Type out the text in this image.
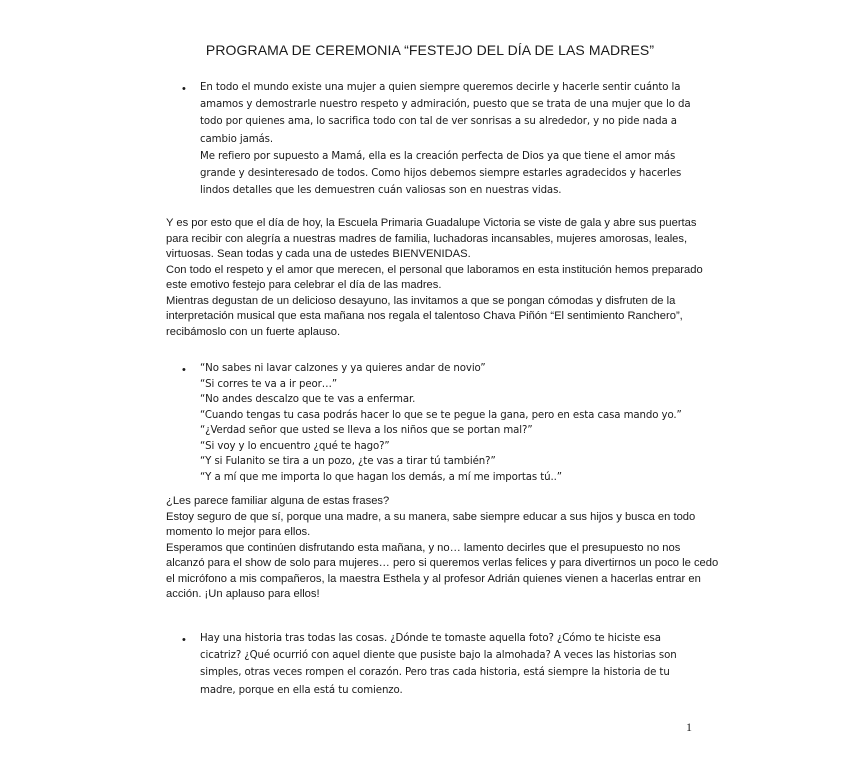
PROGRAMA DE CEREMONIA “FESTEJO DEL DÍA DE LAS MADRES”
• En todo el mundo existe una mujer a quien siempre queremos decirle y hacerle sentir cuánto la
amamos y demostrarle nuestro respeto y admiración, puesto que se trata de una mujer que lo da
todo por quienes ama, lo sacrifica todo con tal de ver sonrisas a su alrededor, y no pide nada a
cambio jamás.
Me refiero por supuesto a Mamá, ella es la creación perfecta de Dios ya que tiene el amor más
grande y desinteresado de todos. Como hijos debemos siempre estarles agradecidos y hacerles
lindos detalles que les demuestren cuán valiosas son en nuestras vidas.
Y es por esto que el día de hoy, la Escuela Primaria Guadalupe Victoria se viste de gala y abre sus puertas
para recibir con alegría a nuestras madres de familia, luchadoras incansables, mujeres amorosas, leales,
virtuosas. Sean todas y cada una de ustedes BIENVENIDAS.
Con todo el respeto y el amor que merecen, el personal que laboramos en esta institución hemos preparado
este emotivo festejo para celebrar el día de las madres.
Mientras degustan de un delicioso desayuno, las invitamos a que se pongan cómodas y disfruten de la
interpretación musical que esta mañana nos regala el talentoso Chava Piñón “El sentimiento Ranchero”,
recibámoslo con un fuerte aplauso.
• “No sabes ni lavar calzones y ya quieres andar de novio”
“Si corres te va a ir peor…”
“No andes descalzo que te vas a enfermar.
“Cuando tengas tu casa podrás hacer lo que se te pegue la gana, pero en esta casa mando yo.”
“¿Verdad señor que usted se lleva a los niños que se portan mal?”
“Si voy y lo encuentro ¿qué te hago?”
“Y si Fulanito se tira a un pozo, ¿te vas a tirar tú también?”
“Y a mí que me importa lo que hagan los demás, a mí me importas tú..”
¿Les parece familiar alguna de estas frases?
Estoy seguro de que sí, porque una madre, a su manera, sabe siempre educar a sus hijos y busca en todo
momento lo mejor para ellos.
Esperamos que continúen disfrutando esta mañana, y no… lamento decirles que el presupuesto no nos
alcanzó para el show de solo para mujeres… pero si queremos verlas felices y para divertirnos un poco le cedo
el micrófono a mis compañeros, la maestra Esthela y al profesor Adrián quienes vienen a hacerlas entrar en
acción. ¡Un aplauso para ellos!
• Hay una historia tras todas las cosas. ¿Dónde te tomaste aquella foto? ¿Cómo te hiciste esa
cicatriz? ¿Qué ocurrió con aquel diente que pusiste bajo la almohada? A veces las historias son
simples, otras veces rompen el corazón. Pero tras cada historia, está siempre la historia de tu
madre, porque en ella está tu comienzo.
1
